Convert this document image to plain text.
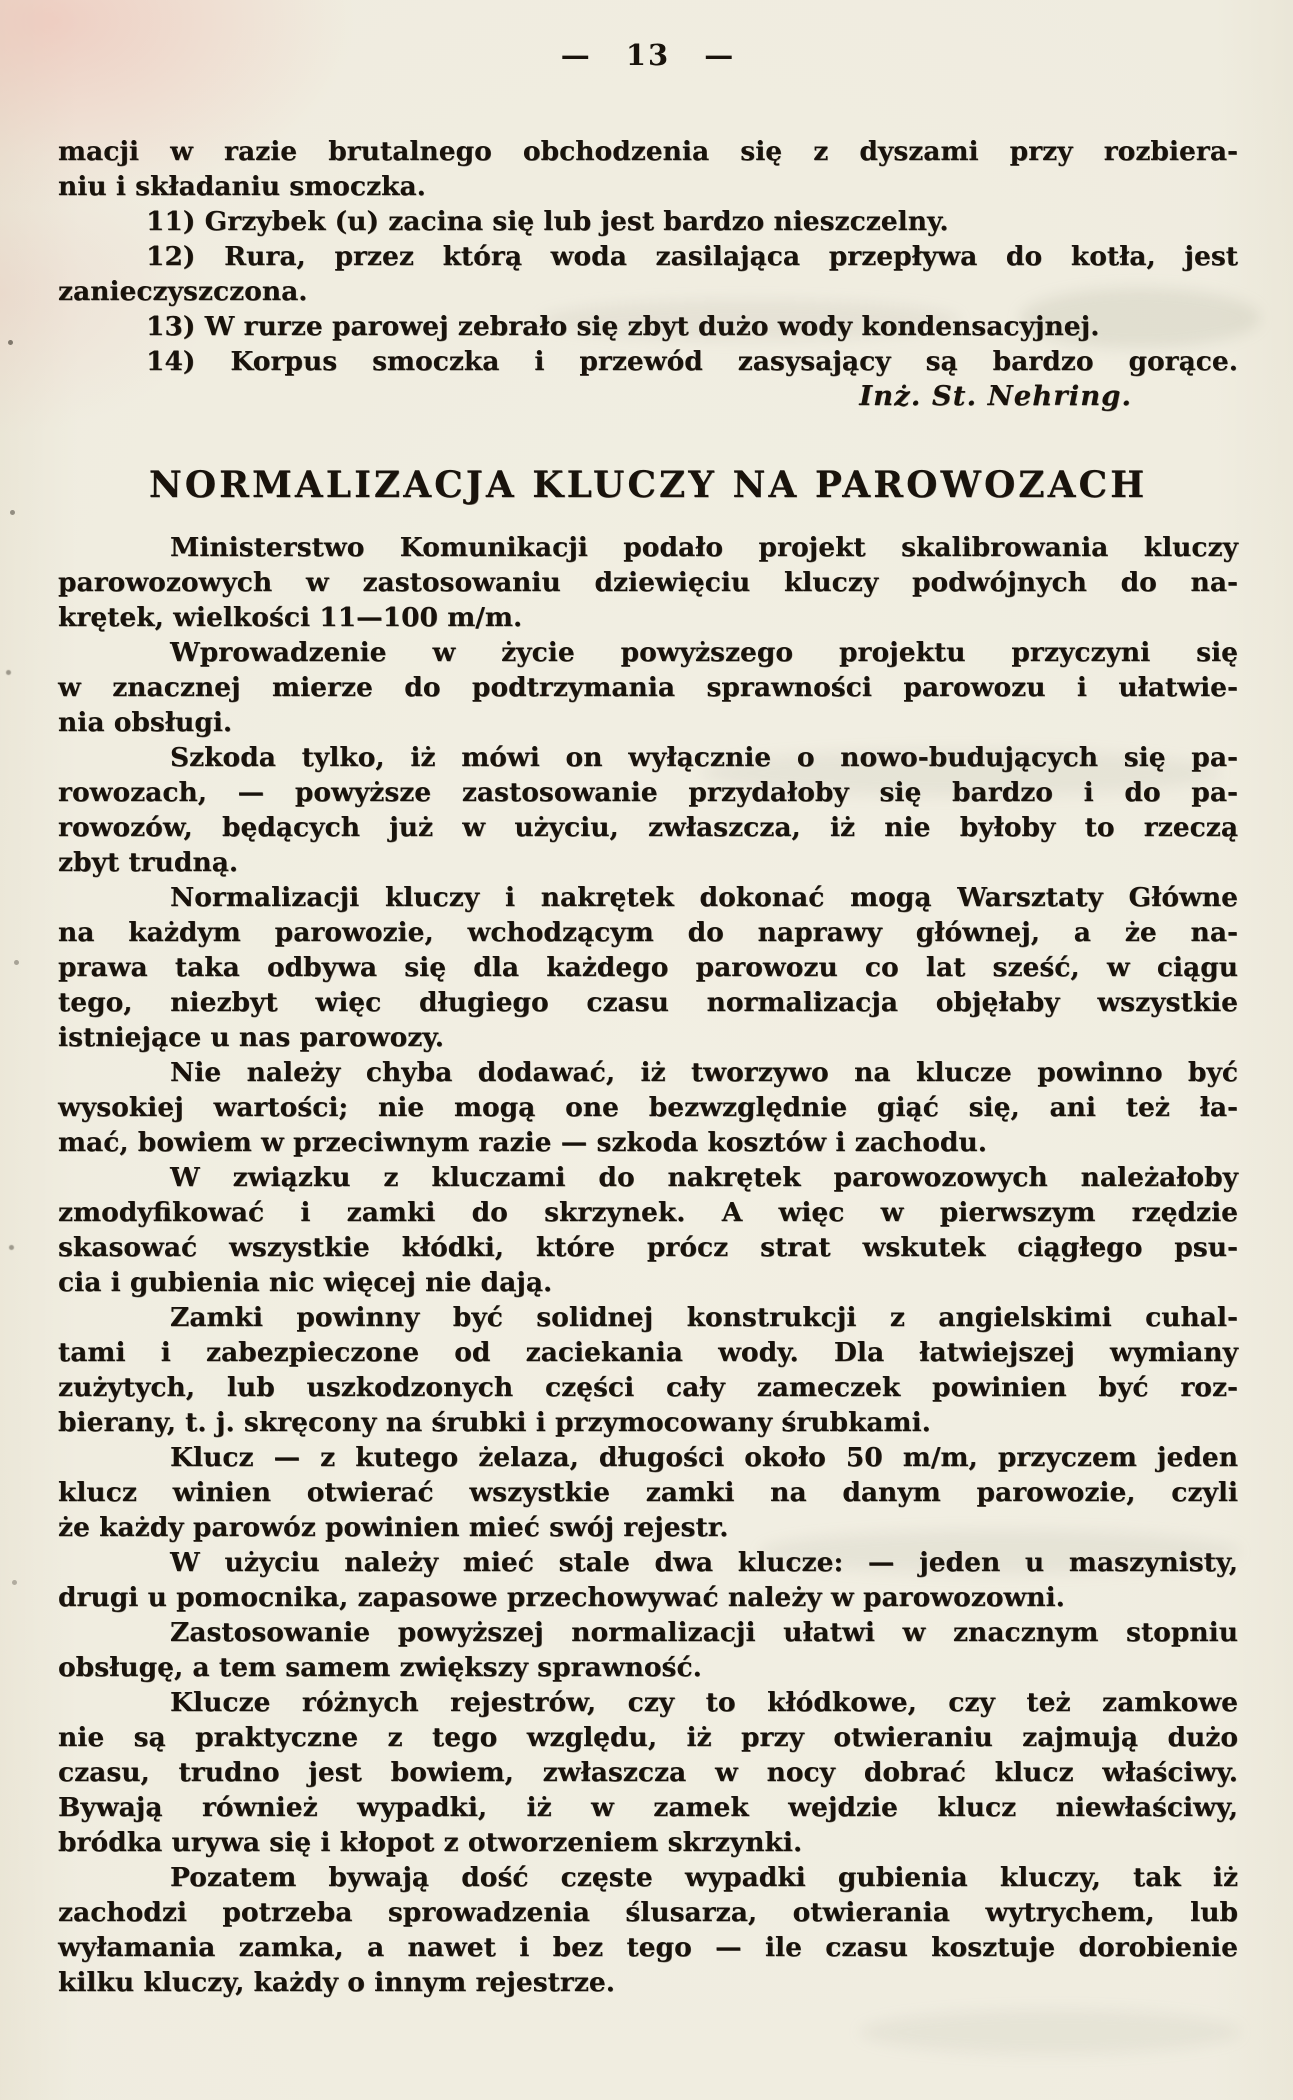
— 13 —
macji w razie brutalnego obchodzenia się z dyszami przy rozbiera-
niu i składaniu smoczka.
11) Grzybek (u) zacina się lub jest bardzo nieszczelny.
12) Rura, przez którą woda zasilająca przepływa do kotła, jest
zanieczyszczona.
13) W rurze parowej zebrało się zbyt dużo wody kondensacyjnej.
14) Korpus smoczka i przewód zasysający są bardzo gorące.
Inż. St. Nehring.
NORMALIZACJA KLUCZY NA PAROWOZACH
Ministerstwo Komunikacji podało projekt skalibrowania kluczy
parowozowych w zastosowaniu dziewięciu kluczy podwójnych do na-
krętek, wielkości 11—100 m/m.
Wprowadzenie w życie powyższego projektu przyczyni się
w znacznej mierze do podtrzymania sprawności parowozu i ułatwie-
nia obsługi.
Szkoda tylko, iż mówi on wyłącznie o nowo-budujących się pa-
rowozach, — powyższe zastosowanie przydałoby się bardzo i do pa-
rowozów, będących już w użyciu, zwłaszcza, iż nie byłoby to rzeczą
zbyt trudną.
Normalizacji kluczy i nakrętek dokonać mogą Warsztaty Główne
na każdym parowozie, wchodzącym do naprawy głównej, a że na-
prawa taka odbywa się dla każdego parowozu co lat sześć, w ciągu
tego, niezbyt więc długiego czasu normalizacja objęłaby wszystkie
istniejące u nas parowozy.
Nie należy chyba dodawać, iż tworzywo na klucze powinno być
wysokiej wartości; nie mogą one bezwzględnie giąć się, ani też ła-
mać, bowiem w przeciwnym razie — szkoda kosztów i zachodu.
W związku z kluczami do nakrętek parowozowych należałoby
zmodyfikować i zamki do skrzynek. A więc w pierwszym rzędzie
skasować wszystkie kłódki, które prócz strat wskutek ciągłego psu-
cia i gubienia nic więcej nie dają.
Zamki powinny być solidnej konstrukcji z angielskimi cuhal-
tami i zabezpieczone od zaciekania wody. Dla łatwiejszej wymiany
zużytych, lub uszkodzonych części cały zameczek powinien być roz-
bierany, t. j. skręcony na śrubki i przymocowany śrubkami.
Klucz — z kutego żelaza, długości około 50 m/m, przyczem jeden
klucz winien otwierać wszystkie zamki na danym parowozie, czyli
że każdy parowóz powinien mieć swój rejestr.
W użyciu należy mieć stale dwa klucze: — jeden u maszynisty,
drugi u pomocnika, zapasowe przechowywać należy w parowozowni.
Zastosowanie powyższej normalizacji ułatwi w znacznym stopniu
obsługę, a tem samem zwiększy sprawność.
Klucze różnych rejestrów, czy to kłódkowe, czy też zamkowe
nie są praktyczne z tego względu, iż przy otwieraniu zajmują dużo
czasu, trudno jest bowiem, zwłaszcza w nocy dobrać klucz właściwy.
Bywają również wypadki, iż w zamek wejdzie klucz niewłaściwy,
bródka urywa się i kłopot z otworzeniem skrzynki.
Pozatem bywają dość częste wypadki gubienia kluczy, tak iż
zachodzi potrzeba sprowadzenia ślusarza, otwierania wytrychem, lub
wyłamania zamka, a nawet i bez tego — ile czasu kosztuje dorobienie
kilku kluczy, każdy o innym rejestrze.
